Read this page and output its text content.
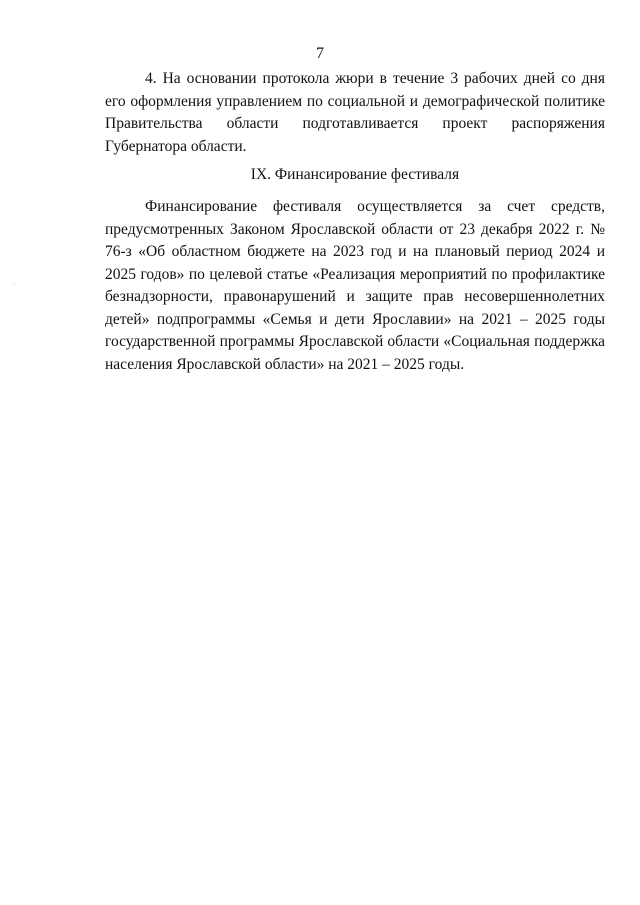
7

4. На основании протокола жюри в течение 3 рабочих дней со дня его оформления управлением по социальной и демографической политике Правительства области подготавливается проект распоряжения Губернатора области.

IX. Финансирование фестиваля

Финансирование фестиваля осуществляется за счет средств, предусмотренных Законом Ярославской области от 23 декабря 2022 г. № 76-з «Об областном бюджете на 2023 год и на плановый период 2024 и 2025 годов» по целевой статье «Реализация мероприятий по профилактике безнадзорности, правонарушений и защите прав несовершеннолетних детей» подпрограммы «Семья и дети Ярославии» на 2021 – 2025 годы государственной программы Ярославской области «Социальная поддержка населения Ярославской области» на 2021 – 2025 годы.
